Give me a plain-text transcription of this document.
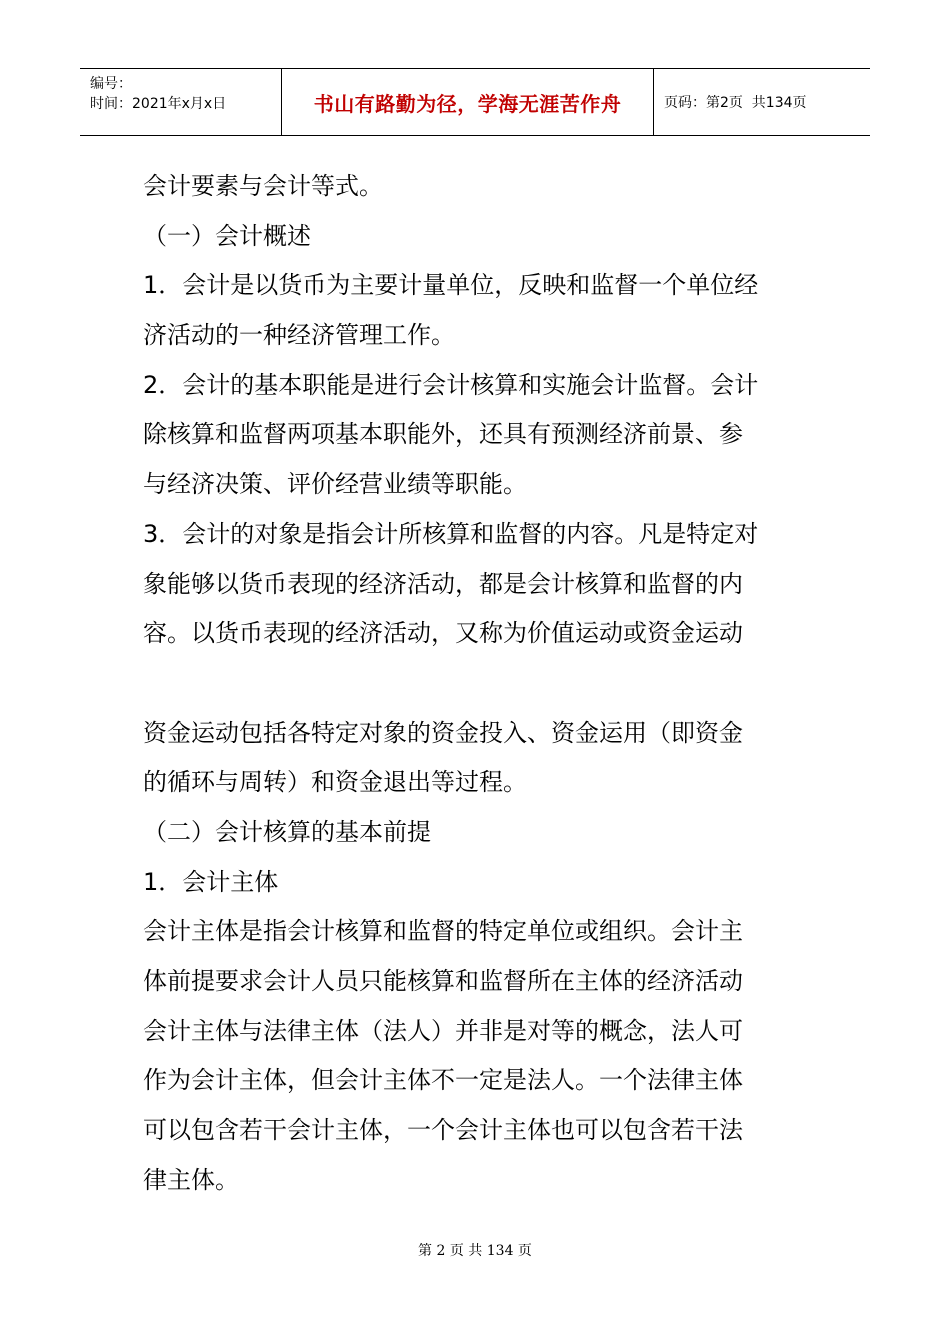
编号：
时间：2021年x月x日	书山有路勤为径，学海无涯苦作舟	页码：第2页  共134页
会计要素与会计等式。
（一）会计概述
1．会计是以货币为主要计量单位，反映和监督一个单位经
济活动的一种经济管理工作。
2．会计的基本职能是进行会计核算和实施会计监督。会计
除核算和监督两项基本职能外，还具有预测经济前景、参
与经济决策、评价经营业绩等职能。
3．会计的对象是指会计所核算和监督的内容。凡是特定对
象能够以货币表现的经济活动，都是会计核算和监督的内
容。以货币表现的经济活动，又称为价值运动或资金运动
资金运动包括各特定对象的资金投入、资金运用（即资金
的循环与周转）和资金退出等过程。
（二）会计核算的基本前提
1．会计主体
会计主体是指会计核算和监督的特定单位或组织。会计主
体前提要求会计人员只能核算和监督所在主体的经济活动
会计主体与法律主体（法人）并非是对等的概念，法人可
作为会计主体，但会计主体不一定是法人。一个法律主体
可以包含若干会计主体，一个会计主体也可以包含若干法
律主体。
第 2 页 共 134 页
